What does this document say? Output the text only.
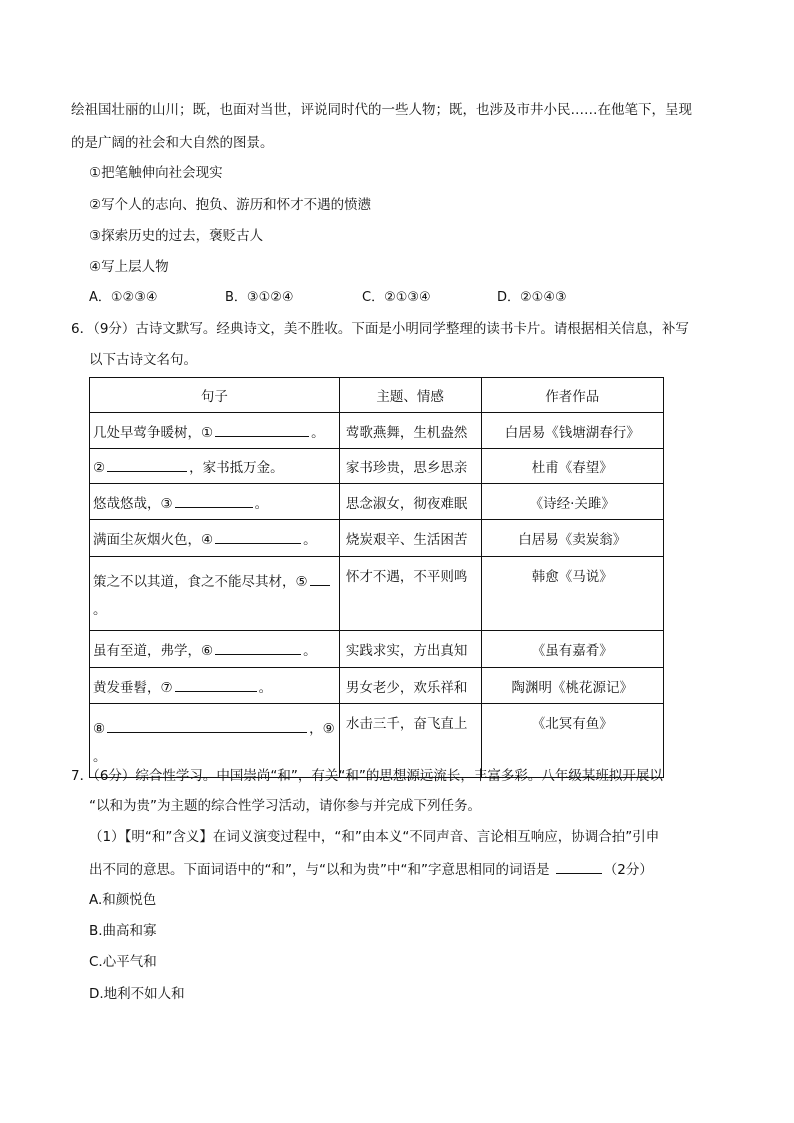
绘祖国壮丽的山川；既，也面对当世，评说同时代的一些人物；既，也涉及市井小民……在他笔下，呈现
的是广阔的社会和大自然的图景。
①把笔触伸向社会现实
②写个人的志向、抱负、游历和怀才不遇的愤懑
③探索历史的过去，褒贬古人
④写上层人物
A．①②③④	B．③①②④	C．②①③④	D．②①④③
6．（9分）古诗文默写。经典诗文，美不胜收。下面是小明同学整理的读书卡片。请根据相关信息，补写
以下古诗文名句。
句子	主题、情感	作者作品
几处早莺争暖树，① 。	莺歌燕舞，生机盎然	白居易《钱塘湖春行》
② ，家书抵万金。	家书珍贵，思乡思亲	杜甫《春望》
悠哉悠哉，③ 。	思念淑女，彻夜难眠	《诗经·关雎》
满面尘灰烟火色，④ 。	烧炭艰辛、生活困苦	白居易《卖炭翁》

策之不以其道，食之不能尽其材，⑤
。	怀才不遇，不平则鸣	韩愈《马说》
虽有至道，弗学，⑥ 。	实践求实，方出真知	《虽有嘉肴》
黄发垂髫，⑦ 。	男女老少，欢乐祥和	陶渊明《桃花源记》

⑧ ，⑨
。	水击三千，奋飞直上	《北冥有鱼》
7．（6分）综合性学习。中国崇尚“和”，有关“和”的思想源远流长，丰富多彩。八年级某班拟开展以
“以和为贵”为主题的综合性学习活动，请你参与并完成下列任务。
（1）【明“和”含义】在词义演变过程中，“和”由本义“不同声音、言论相互响应，协调合拍”引申
出不同的意思。下面词语中的“和”，与“以和为贵”中“和”字意思相同的词语是	（2分）
A.和颜悦色
B.曲高和寡
C.心平气和
D.地利不如人和
